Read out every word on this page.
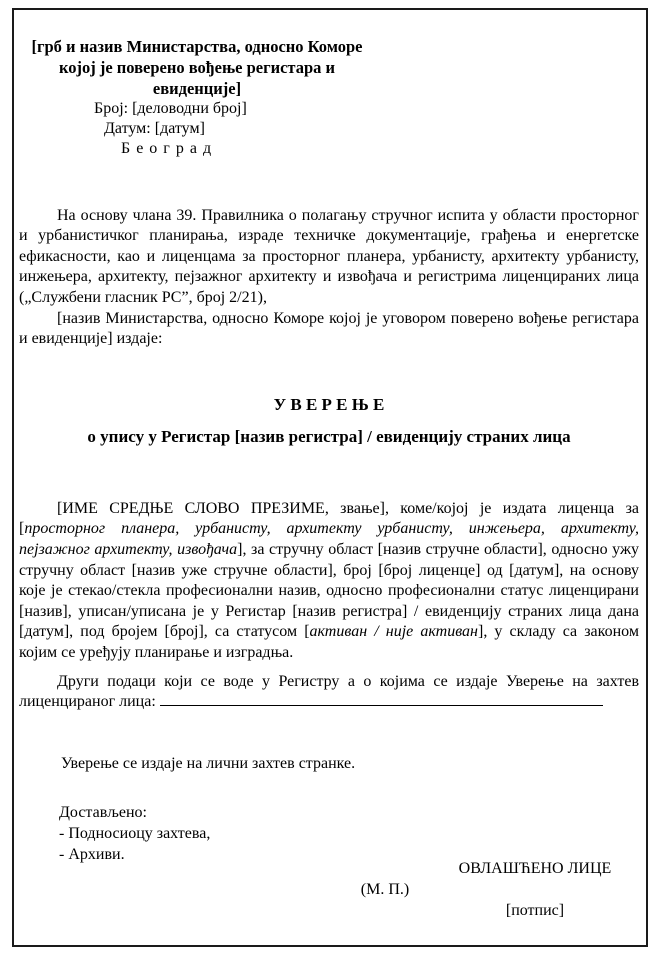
[грб и назив Министарства, односно Коморе
којој је поверено вођење регистара и евиденције]
Број: [деловодни број]
Датум: [датум]
Б е о г р а д

На основу члана 39. Правилника о полагању стручног испита у области просторног и урбанистичког планирања, израде техничке документације, грађења и енергетске ефикасности, као и лиценцама за просторног планера, урбанисту, архитекту урбанисту, инжењера, архитекту, пејзажног архитекту и извођача и регистрима лиценцираних лица („Службени гласник РС”, број 2/21),

[назив Министарства, односно Коморе којој је уговором поверено вођење регистара и евиденције] издаје:

У В Е Р Е Њ Е
о упису у Регистар [назив регистра] / евиденцију страних лица

[ИМЕ СРЕДЊЕ СЛОВО ПРЕЗИМЕ, звање], коме/којој је издата лиценца за [просторног планера, урбанисту, архитекту урбанисту, инжењера, архитекту, пејзажног архитекту, извођача], за стручну област [назив стручне области], односно ужу стручну област [назив уже стручне области], број [број лиценце] од [датум], на основу које је стекао/стекла професионални назив, односно професионални статус лиценцирани [назив], уписан/уписана је у Регистар [назив регистра] / евиденцију страних лица дана [датум], под бројем [број], са статусом [активан / није активан], у складу са законом којим се уређују планирање и изградња.

Други подаци који се воде у Регистру а о којима се издаје Уверење на захтев лиценцираног лица:

Уверење се издаје на лични захтев странке.

Достављено:
- Подносиоцу захтева,
- Архиви.
ОВЛАШЋЕНО ЛИЦЕ
(М. П.)
[потпис]
